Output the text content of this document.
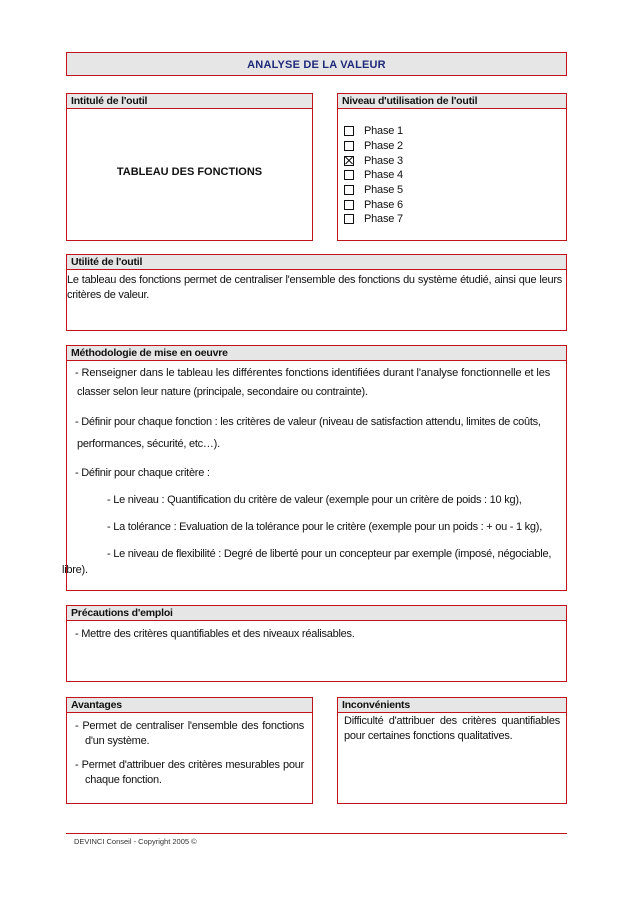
ANALYSE DE LA VALEUR
Intitulé de l'outil
TABLEAU DES FONCTIONS
Niveau d'utilisation de l'outil
Phase 1
Phase 2
Phase 3
Phase 4
Phase 5
Phase 6
Phase 7
Utilité de l'outil
Le tableau des fonctions permet de centraliser l'ensemble des fonctions du système étudié, ainsi que leurs critères de valeur.
Méthodologie de mise en oeuvre
- Renseigner dans le tableau les différentes fonctions identifiées durant l'analyse fonctionnelle et les
classer selon leur nature (principale, secondaire ou contrainte).
- Définir pour chaque fonction : les critères de valeur (niveau de satisfaction attendu, limites de coûts,
performances, sécurité, etc…).
- Définir pour chaque critère :
- Le niveau : Quantification du critère de valeur (exemple pour un critère de poids : 10 kg),
- La tolérance : Evaluation de la tolérance pour le critère (exemple pour un poids : + ou - 1 kg),
- Le niveau de flexibilité : Degré de liberté pour un concepteur par exemple (imposé, négociable,
libre).
Précautions d'emploi
- Mettre des critères quantifiables et des niveaux réalisables.
Avantages
- Permet de centraliser l'ensemble des fonctions d'un système.
- Permet d'attribuer des critères mesurables pour chaque fonction.
Inconvénients
Difficulté d'attribuer des critères quantifiables pour certaines fonctions qualitatives.
DEVINCI Conseil - Copyright 2005 ©
